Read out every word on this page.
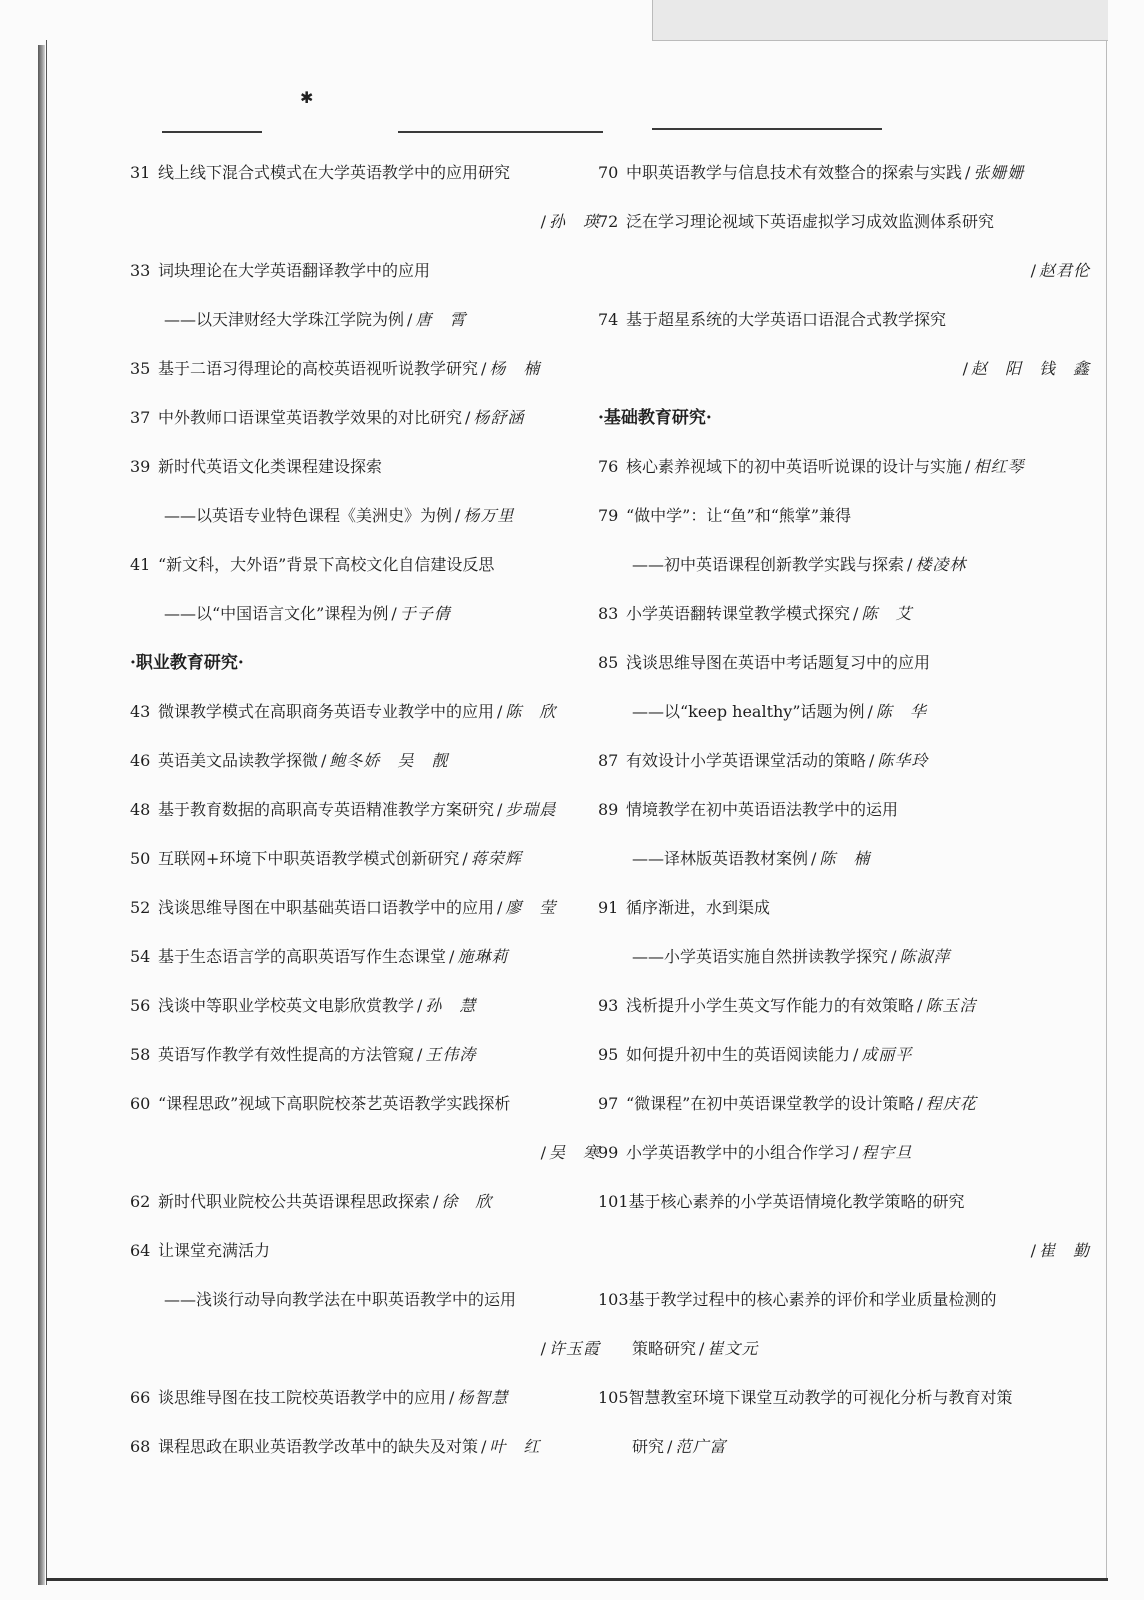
✱
31 线上线下混合式模式在大学英语教学中的应用研究
/ 孙　瑛
33 词块理论在大学英语翻译教学中的应用
——以天津财经大学珠江学院为例 / 唐　霄
35 基于二语习得理论的高校英语视听说教学研究 / 杨　楠
37 中外教师口语课堂英语教学效果的对比研究 / 杨舒涵
39 新时代英语文化类课程建设探索
——以英语专业特色课程《美洲史》为例 / 杨万里
41 “新文科，大外语”背景下高校文化自信建设反思
——以“中国语言文化”课程为例 / 于子倩
·职业教育研究·
43 微课教学模式在高职商务英语专业教学中的应用 / 陈　欣
46 英语美文品读教学探微 / 鲍冬娇　吴　靓
48 基于教育数据的高职高专英语精准教学方案研究 / 步瑞晨
50 互联网+环境下中职英语教学模式创新研究 / 蒋荣辉
52 浅谈思维导图在中职基础英语口语教学中的应用 / 廖　莹
54 基于生态语言学的高职英语写作生态课堂 / 施琳莉
56 浅谈中等职业学校英文电影欣赏教学 / 孙　慧
58 英语写作教学有效性提高的方法管窥 / 王伟涛
60 “课程思政”视域下高职院校茶艺英语教学实践探析
/ 吴　寒
62 新时代职业院校公共英语课程思政探索 / 徐　欣
64 让课堂充满活力
——浅谈行动导向教学法在中职英语教学中的运用
/ 许玉霞
66 谈思维导图在技工院校英语教学中的应用 / 杨智慧
68 课程思政在职业英语教学改革中的缺失及对策 / 叶　红
70 中职英语教学与信息技术有效整合的探索与实践 / 张姗姗
72 泛在学习理论视域下英语虚拟学习成效监测体系研究
/ 赵君伦
74 基于超星系统的大学英语口语混合式教学探究
/ 赵　阳　钱　鑫
·基础教育研究·
76 核心素养视域下的初中英语听说课的设计与实施 / 相红琴
79 “做中学”：让“鱼”和“熊掌”兼得
——初中英语课程创新教学实践与探索 / 楼凌林
83 小学英语翻转课堂教学模式探究 / 陈　艾
85 浅谈思维导图在英语中考话题复习中的应用
——以“keep healthy”话题为例 / 陈　华
87 有效设计小学英语课堂活动的策略 / 陈华玲
89 情境教学在初中英语语法教学中的运用
——译林版英语教材案例 / 陈　楠
91 循序渐进，水到渠成
——小学英语实施自然拼读教学探究 / 陈淑萍
93 浅析提升小学生英文写作能力的有效策略 / 陈玉洁
95 如何提升初中生的英语阅读能力 / 成丽平
97 “微课程”在初中英语课堂教学的设计策略 / 程庆花
99 小学英语教学中的小组合作学习 / 程宇旦
101基于核心素养的小学英语情境化教学策略的研究
/ 崔　勤
103基于教学过程中的核心素养的评价和学业质量检测的
策略研究 / 崔文元
105智慧教室环境下课堂互动教学的可视化分析与教育对策
研究 / 范广富
